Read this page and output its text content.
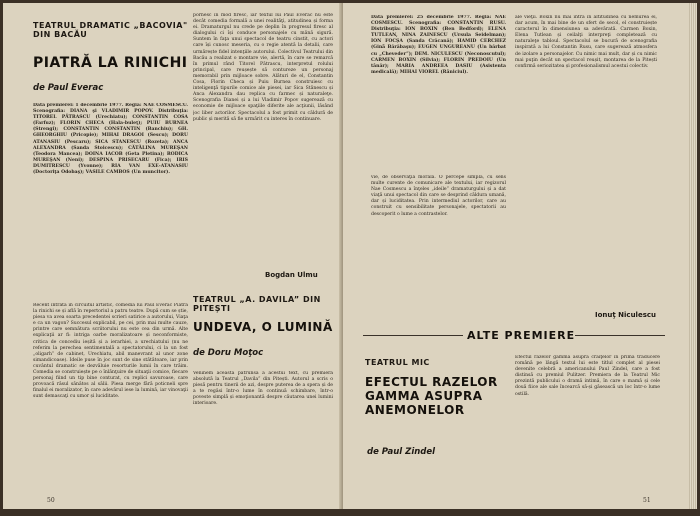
TEATRUL DRAMATIC „BACOVIA" DIN BACĂU
PIATRĂ LA RINICHI
de Paul Everac
Data premierei: 1 decembrie 1977. Regia: NAE COSMESCU. Scenografia: DIANA şi VLADIMIR POPOV. Distribuţia: TITOREL PĂTRASCU (Urechiatu); CONSTANTIN COSA (Farfuz); FLORIN CHECA (Hala-buleţ); PUIU BURNEA (Strengi); CONSTANTIN CONSTANTIN (Banchiu); GH. GHEORGHIU (Pricopie); MIHAI DRAGOI (Sescu); DORU ATANASIU (Pescaru); SICA STANESCU (Rozeta); ANCA ALEXANDRA (Sanda Stoicescu); CĂTĂLINA MUREŞAN (Teodora Mancea); DOINA IACOB (Geta Pletina); RODICA MUREŞAN (Neni); DESPINA PRISECARU (Fica); IRIS DUMITRESCU (Yvonne); RIA VAN EXE-ATANASIU (Doctoriţa Odobaş); VASILE CAMBOS (Un muncitor).
Recent intrată în circuitul artistic, comedia lui Paul Everac Piatră la rinichi se și află în repertoriul a patru teatre. După cum se știe, piesa va avea soarta precedentei scrieri satirice a autorului, Viaţa e ca un vagon? Succesul explicabil, pe cei, prin mai multe cauze, printre care semnătura scriitorului nu este cea din urmă. Alte explicaţii ar fi: intriga oarbe moralizatoare și neconformiste, critica de concediu ieșită și a ierarhiei, a urechiatului (nu ne referim la perechea sentimentală a spectatorului, ci la un fost „oligarh” de cabinet, Urechiatu, abil manevrant al unor zone simandicoase). Ideile puse în joc sunt de sine stătătoare, iar prin cuvântul dramatic se dezvăluie resorturile lumii în care trăim. Comedia se construiește pe o înlănţuire de situaţii comice, fiecare personaj fiind un tip bine conturat, cu replici savuroase, care provoacă râsul sănătos al sălii. Piesa merge fără poticneli spre finalul ei moralizator, în care adevărul iese la lumină, iar vinovaţii sunt demascaţi cu umor și luciditate.
pornesc în mod firesc, iar textul lui Paul Everac nu este decât comedia formală a unei realităţi, atitudinea și forma ei. Dramaturgul nu crede pe deplin în progresul firesc al dialogului ci își conduce personajele cu mână sigură. Suntem în faţa unui spectacol de teatru cinstit, cu actori care își cunosc meseria, cu o regie atentă la detalii, care urmărește fidel intenţiile autorului. Colectivul Teatrului din Bacău a realizat o montare vie, alertă, în care se remarcă în primul rând Titorel Pătrascu, interpretul rolului principal, care reușește să contureze un personaj memorabil prin mijloace sobre. Alături de el, Constantin Cosa, Florin Checa și Puiu Burnea construiesc cu inteligenţă tipurile comice ale piesei, iar Sica Stănescu și Anca Alexandra dau replica cu farmec și naturaleţe. Scenografia Dianei și a lui Vladimir Popov sugerează cu economie de mijloace spaţiile diferite ale acţiunii, lăsând joc liber actorilor. Spectacolul a fost primit cu căldură de public și merită să fie urmărit cu interes în continuare.
Bogdan Ulmu
TEATRUL „A. DAVILA” DIN PITEȘTI
UNDEVA, O LUMINĂ
de Doru Moţoc
Veninem aceasta pătrunsă a acestui text, cu premiera absolută la Teatrul „Davila” din Pitești. Autorul a scris o piesă pentru tinerii de azi, despre puterea de a spera și de a te regăsi într-o lume în continuă schimbare, într-o poveste simplă și emoţionantă despre căutarea unei lumini interioare.
50
Data premierei: 25 decembrie 1977. Regia: NAE COSMESCU. Scenografia: CONSTANTIN RUSU. Distribuţia: ION BOXIN (Ben Bedford); ELENA TUTLEAN, NINA ZAINESCU (Ursula Seidelman); ION FOCȘA (Sanda Crăcană); HAMID CERCHEZ (Ginã Bărăbaşu); EUGEN UNGUREANU (Un bărbat cu „Cheveder”); DEM. NICULESCU (Neconoscutul); CARMEN BOXIN (Silvia); FLORIN PREDOIU (Un tânăr); MARIA ANDREEA DASIU (Asistenta medicală); MIHAI VIOREL (Râniciul).
vie, de observaţia morală. O percepe simplă, cu sens multe curente de comunicare ale textului, iar regizorul Nae Cosmescu a înţeles „ideile” dramaturgului și a dat viaţă unui spectacol din care se desprind căldura umană, dar și luciditatea. Prin intermediul actorilor, care au construit cu sensibilitate personajele, spectatorii au descoperit o lume a contrastelor.
ale vieţii. Boxin nu mai intră în altitudinea cu nemurea ei, dar acum, în mai bine de un sfert de secol, el construiește caracterul în dimensiunea sa adevărată. Carmen Boxin, Elena Tutlean și ceilalţi interpreţi completează cu naturaleţe tabloul. Spectacolul se bucură de scenografia inspirată a lui Constantin Rusu, care sugerează atmosfera de izolare a personajelor. Cu nimic mai mult, dar și cu nimic mai puţin decât un spectacol reușit, montarea de la Pitești confirmă seriozitatea și profesionalismul acestui colectiv.
Ionuţ Niculescu
ALTE PREMIERE
TEATRUL MIC
EFECTUL RAZELOR GAMMA ASUPRA ANEMONELOR
de Paul Zindel
Efectul razelor gamma asupra crăiţelor în prima traducere română pe lângă textul lui este titlul complet al piesei devenite celebră a americanului Paul Zindel, care a fost distinsă cu premiul Pulitzer. Premiera de la Teatrul Mic prezintă publicului o dramă intimă, în care o mamă și cele două fiice ale sale încearcă să-și găsească un loc într-o lume ostilă.
51
